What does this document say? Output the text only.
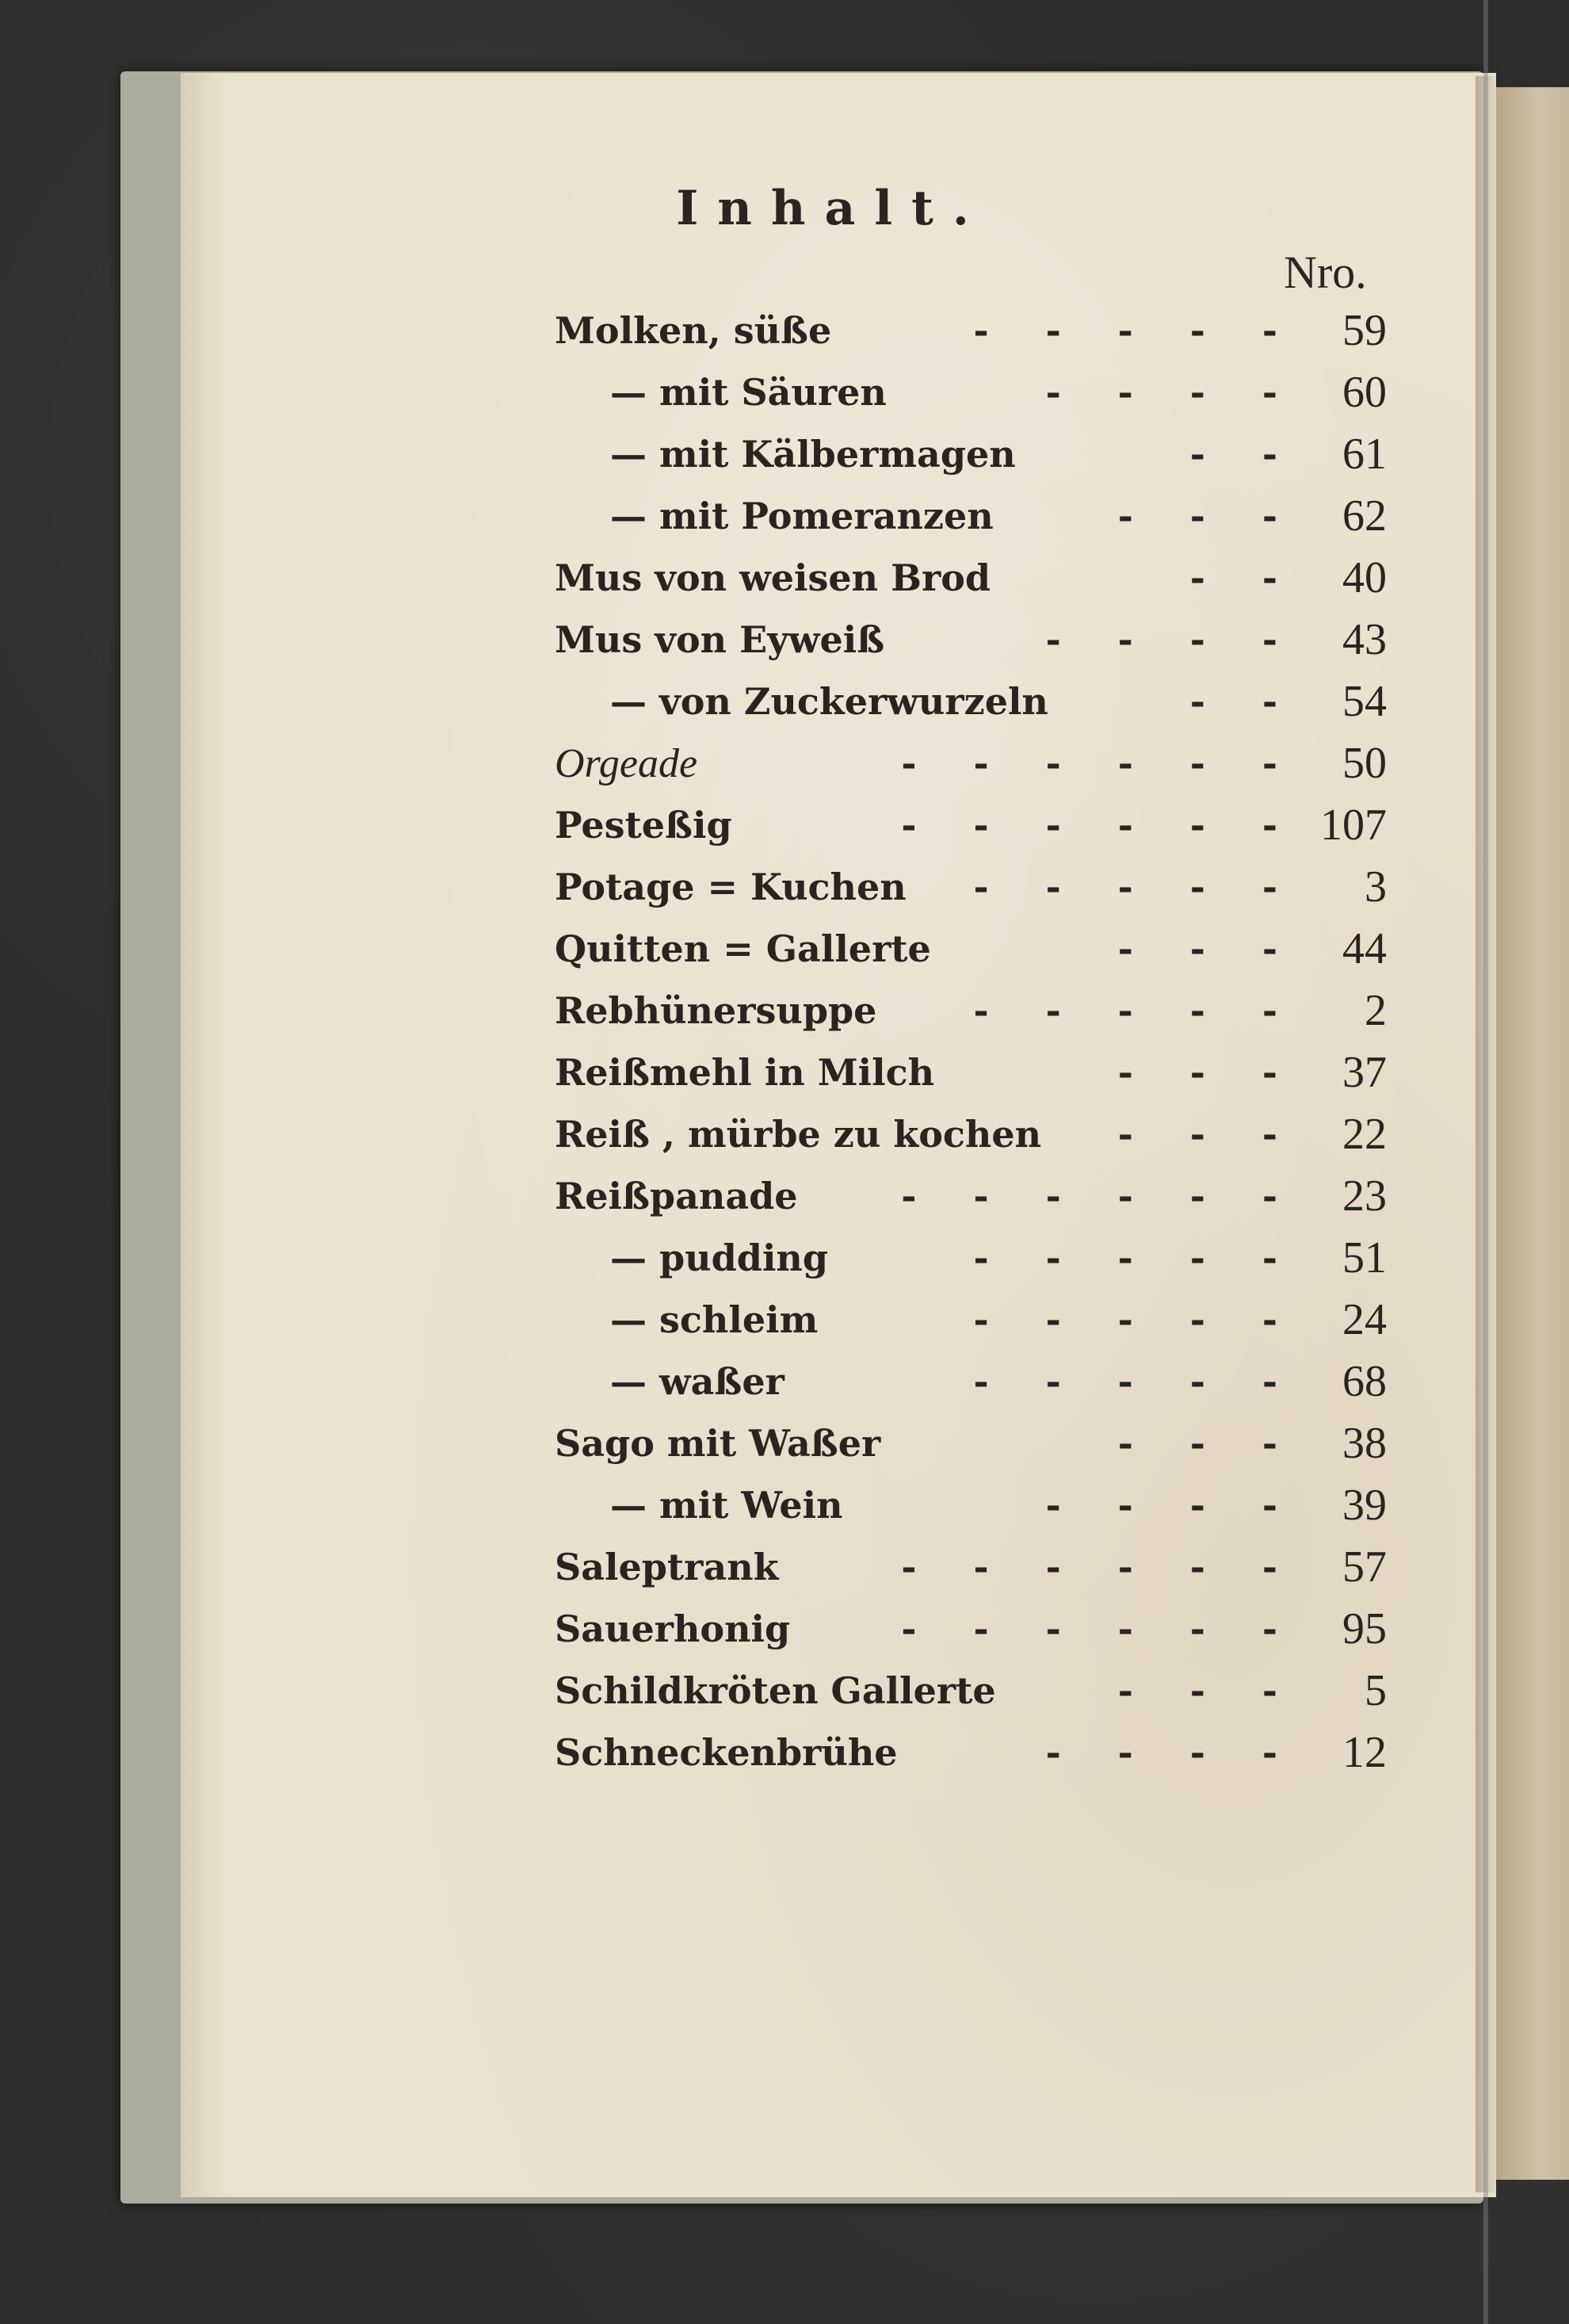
Inhalt.
Nro.
Molken, süße	- - - - - 59
— mit Säuren	- - - - 60
— mit Kälbermagen	- - 61
— mit Pomeranzen	- - - 62
Mus von weisen Brod	- - 40
Mus von Eyweiß	- - - - 43
— von Zuckerwurzeln	- - 54
Orgeade	- - - - - - 50
Pesteßig	- - - - - - 107
Potage = Kuchen	- - - - -	3
Quitten = Gallerte	- - - 44
Rebhünersuppe	- - - - -	2
Reißmehl in Milch	- - - 37
Reiß , mürbe zu kochen	- - - 22
Reißpanade	- - - - - - 23
— pudding	- - - - - 51
— schleim	- - - - - 24
— waßer	- - - - - 68
Sago mit Waßer	- - - 38
— mit Wein	- - - - 39
Saleptrank	- - - - - - 57
Sauerhonig	- - - - - - 95
Schildkröten Gallerte	- - -	5
Schneckenbrühe	- - - - 12
